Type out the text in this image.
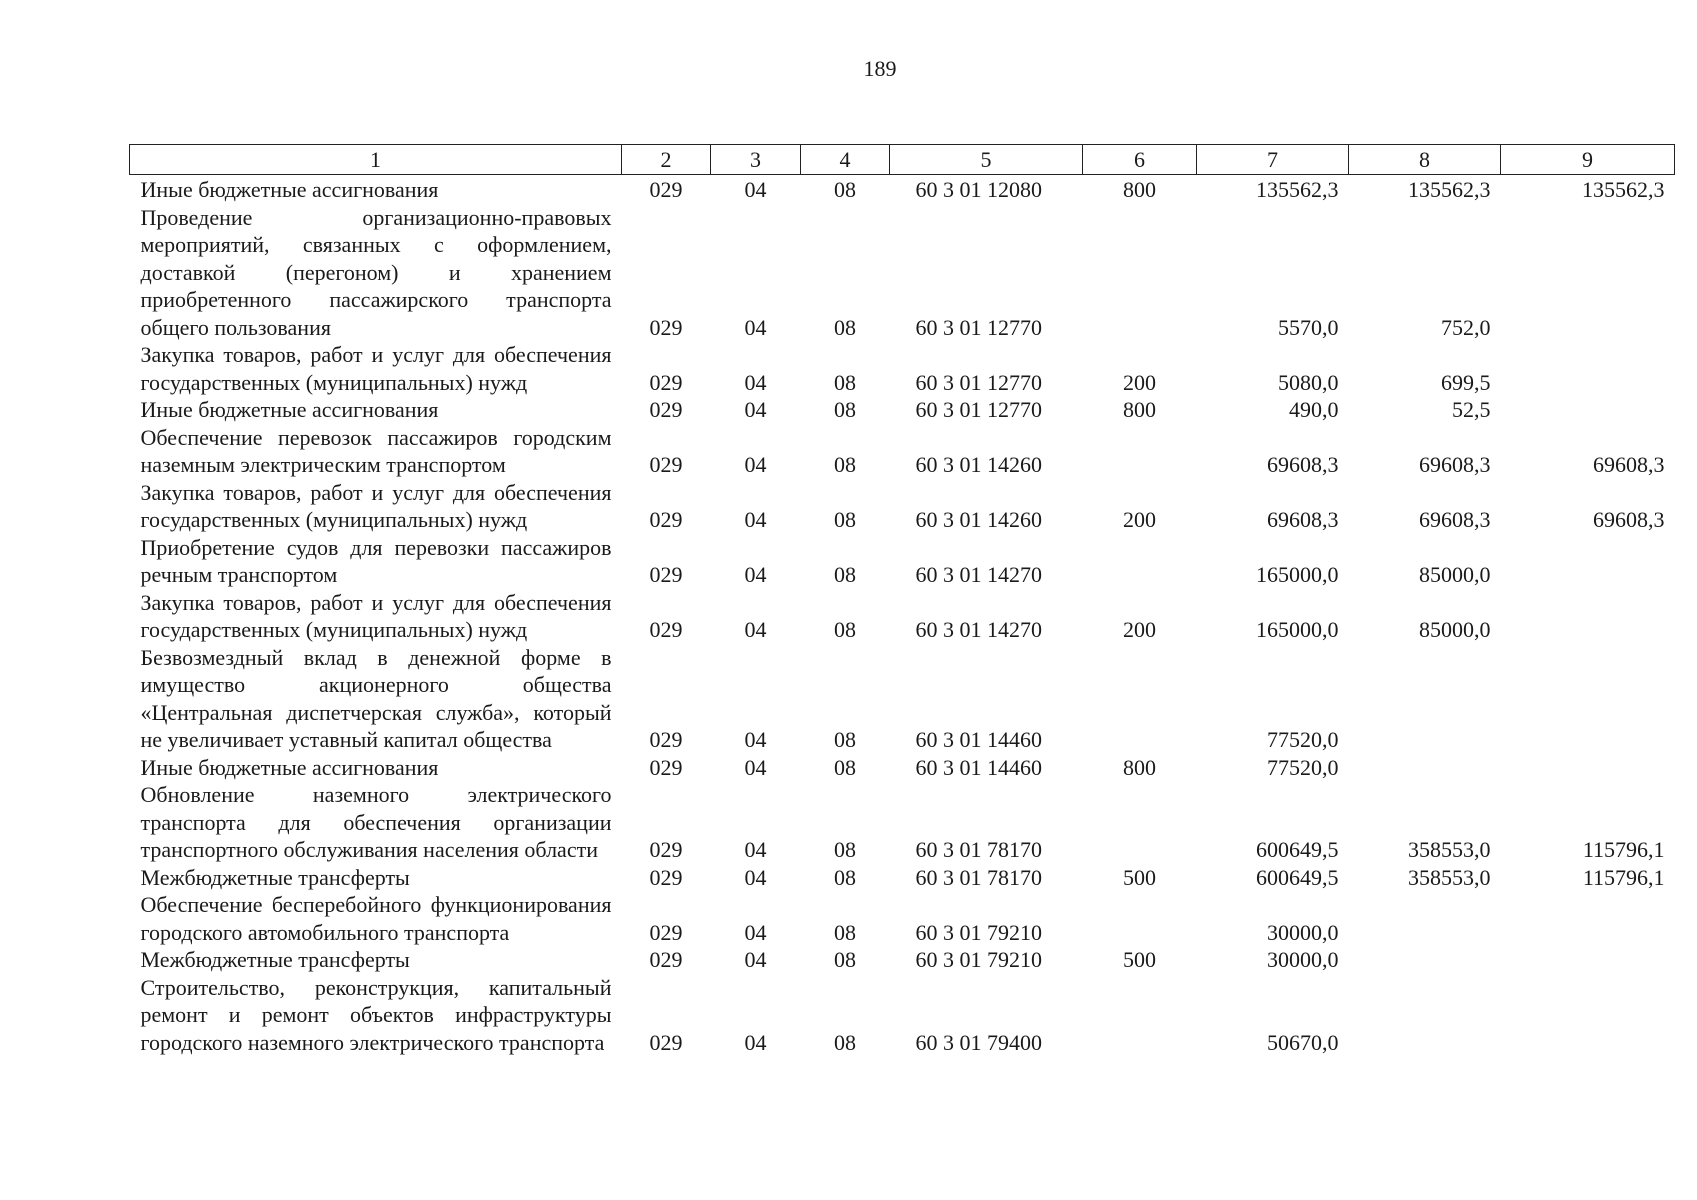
189
1	2	3	4	5	6	7	8	9
Иные бюджетные ассигнования	029	04	08	60 3 01 12080	800	135562,3	135562,3	135562,3
Проведение организационно-правовых мероприятий, связанных с оформлением, доставкой (перегоном) и хранением приобретенного пассажирского транспорта общего пользования	029	04	08	60 3 01 12770		5570,0	752,0	
Закупка товаров, работ и услуг для обеспечения государственных (муниципальных) нужд	029	04	08	60 3 01 12770	200	5080,0	699,5	
Иные бюджетные ассигнования	029	04	08	60 3 01 12770	800	490,0	52,5	
Обеспечение перевозок пассажиров городским наземным электрическим транспортом	029	04	08	60 3 01 14260		69608,3	69608,3	69608,3
Закупка товаров, работ и услуг для обеспечения государственных (муниципальных) нужд	029	04	08	60 3 01 14260	200	69608,3	69608,3	69608,3
Приобретение судов для перевозки пассажиров речным транспортом	029	04	08	60 3 01 14270		165000,0	85000,0	
Закупка товаров, работ и услуг для обеспечения государственных (муниципальных) нужд	029	04	08	60 3 01 14270	200	165000,0	85000,0	
Безвозмездный вклад в денежной форме в имущество акционерного общества «Центральная диспетчерская служба», который не увеличивает уставный капитал общества	029	04	08	60 3 01 14460		77520,0		
Иные бюджетные ассигнования	029	04	08	60 3 01 14460	800	77520,0		
Обновление наземного электрического транспорта для обеспечения организации транспортного обслуживания населения области	029	04	08	60 3 01 78170		600649,5	358553,0	115796,1
Межбюджетные трансферты	029	04	08	60 3 01 78170	500	600649,5	358553,0	115796,1
Обеспечение бесперебойного функционирования городского автомобильного транспорта	029	04	08	60 3 01 79210		30000,0		
Межбюджетные трансферты	029	04	08	60 3 01 79210	500	30000,0		
Строительство, реконструкция, капитальный ремонт и ремонт объектов инфраструктуры городского наземного электрического транспорта	029	04	08	60 3 01 79400		50670,0		
